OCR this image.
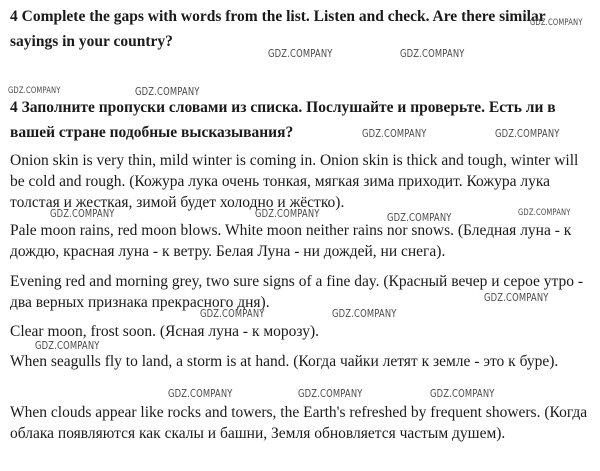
4 Complete the gaps with words from the list. Listen and check. Are there similar sayings in your country?

4 Заполните пропуски словами из списка. Послушайте и проверьте. Есть ли в вашей стране подобные высказывания?

Onion skin is very thin, mild winter is coming in. Onion skin is thick and tough, winter will be cold and rough. (Кожура лука очень тонкая, мягкая зима приходит. Кожура лука толстая и жесткая, зимой будет холодно и жёстко).

Pale moon rains, red moon blows. White moon neither rains nor snows. (Бледная луна - к дождю, красная луна - к ветру. Белая Луна - ни дождей, ни снега).

Evening red and morning grey, two sure signs of a fine day. (Красный вечер и серое утро - два верных признака прекрасного дня).

Clear moon, frost soon. (Ясная луна - к морозу).

When seagulls fly to land, a storm is at hand. (Когда чайки летят к земле - это к буре).

When clouds appear like rocks and towers, the Earth's refreshed by frequent showers. (Когда облака появляются как скалы и башни, Земля обновляется частым душем).

GDZ.COMPANY
GDZ.COMPANY	GDZ.COMPANY
GDZ.COMPANY	GDZ.COMPANY
GDZ.COMPANY	GDZ.COMPANY
GDZ.COMPANY	GDZ.COMPANY	GDZ.COMPANY	GDZ.COMPANY
GDZ.COMPANY
GDZ.COMPANY	GDZ.COMPANY
GDZ.COMPANY
GDZ.COMPANY	GDZ.COMPANY	GDZ.COMPANY
